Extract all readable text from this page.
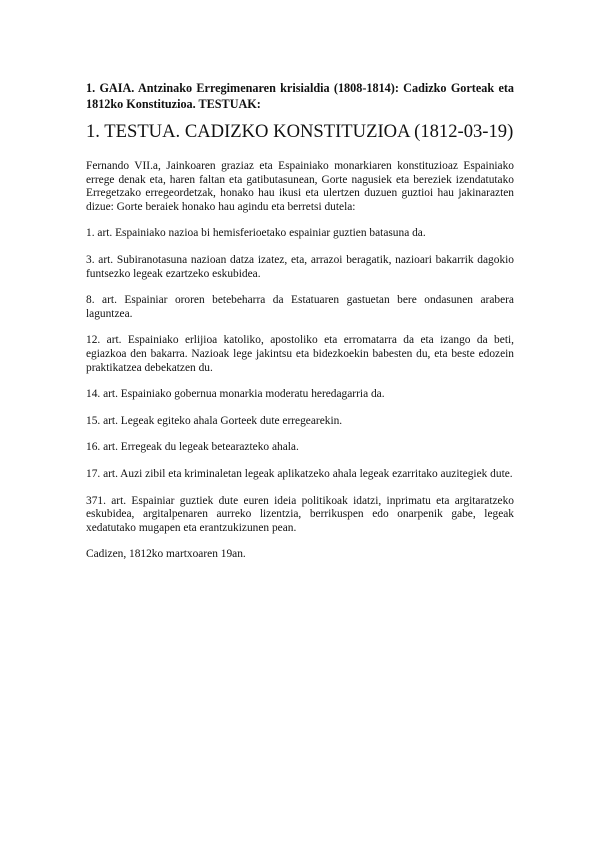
1. GAIA. Antzinako Erregimenaren krisialdia (1808-1814): Cadizko Gorteak eta 1812ko Konstituzioa. TESTUAK:

1. TESTUA. CADIZKO KONSTITUZIOA (1812-03-19)

Fernando VII.a, Jainkoaren graziaz eta Espainiako monarkiaren konstituzioaz Espainiako errege denak eta, haren faltan eta gatibutasunean, Gorte nagusiek eta bereziek izendatutako Erregetzako erregeordetzak, honako hau ikusi eta ulertzen duzuen guztioi hau jakinarazten dizue: Gorte beraiek honako hau agindu eta berretsi dutela:

1. art. Espainiako nazioa bi hemisferioetako espainiar guztien batasuna da.

3. art. Subiranotasuna nazioan datza izatez, eta, arrazoi beragatik, nazioari bakarrik dagokio funtsezko legeak ezartzeko eskubidea.

8. art. Espainiar ororen betebeharra da Estatuaren gastuetan bere ondasunen arabera laguntzea.

12. art. Espainiako erlijioa katoliko, apostoliko eta erromatarra da eta izango da beti, egiazkoa den bakarra. Nazioak lege jakintsu eta bidezkoekin babesten du, eta beste edozein praktikatzea debekatzen du.

14. art. Espainiako gobernua monarkia moderatu heredagarria da.

15. art. Legeak egiteko ahala Gorteek dute erregearekin.

16. art. Erregeak du legeak betearazteko ahala.

17. art. Auzi zibil eta kriminaletan legeak aplikatzeko ahala legeak ezarritako auzitegiek dute.

371. art. Espainiar guztiek dute euren ideia politikoak idatzi, inprimatu eta argitaratzeko eskubidea, argitalpenaren aurreko lizentzia, berrikuspen edo onarpenik gabe, legeak xedatutako mugapen eta erantzukizunen pean.

Cadizen, 1812ko martxoaren 19an.
